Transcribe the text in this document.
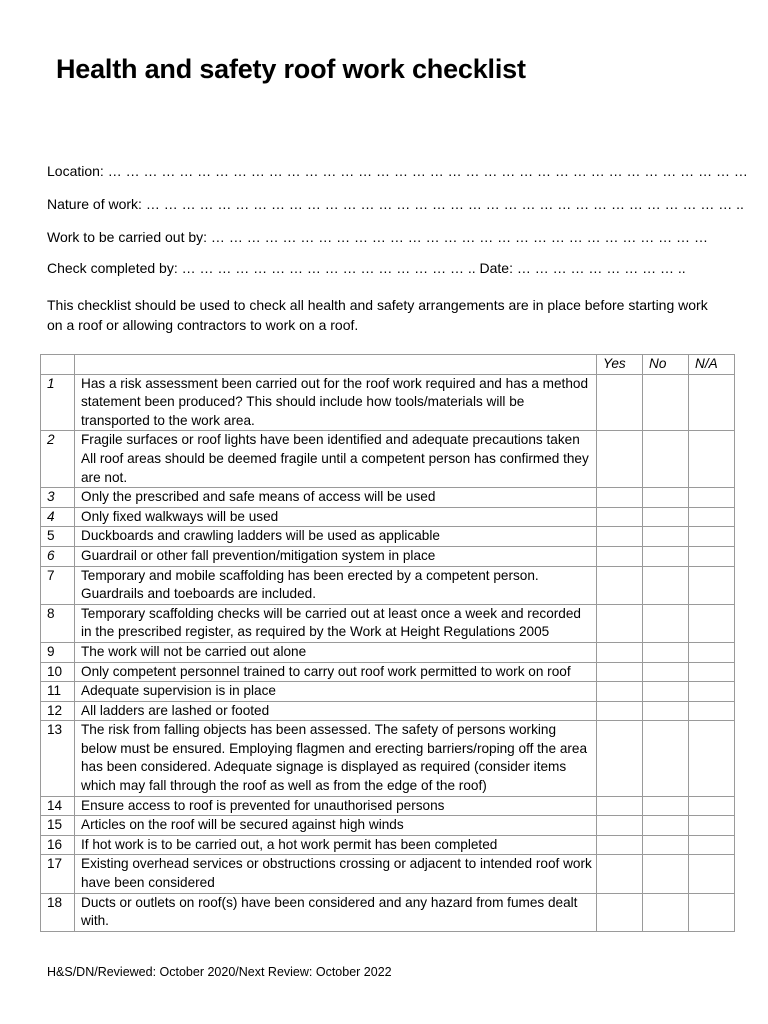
Health and safety roof work checklist
Location: … … … … … … … … … … … … … … … … … … … … … … … … … … … … … … … … … … … …
Nature of work: … … … … … … … … … … … … … … … … … … … … … … … … … … … … … … … … … ..
Work to be carried out by: … … … … … … … … … … … … … … … … … … … … … … … … … … … …
Check completed by: … … … … … … … … … … … … … … … … .. Date: … … … … … … … … … ..
This checklist should be used to check all health and safety arrangements are in place before starting work on a roof or allowing contractors to work on a roof.
		Yes	No	N/A
1	Has a risk assessment been carried out for the roof work required and has a method statement been produced? This should include how tools/materials will be transported to the work area.			
2	Fragile surfaces or roof lights have been identified and adequate precautions taken All roof areas should be deemed fragile until a competent person has confirmed they are not.			
3	Only the prescribed and safe means of access will be used			
4	Only fixed walkways will be used			
5	Duckboards and crawling ladders will be used as applicable			
6	Guardrail or other fall prevention/mitigation system in place			
7	Temporary and mobile scaffolding has been erected by a competent person. Guardrails and toeboards are included.			
8	Temporary scaffolding checks will be carried out at least once a week and recorded in the prescribed register, as required by the Work at Height Regulations 2005			
9	The work will not be carried out alone			
10	Only competent personnel trained to carry out roof work permitted to work on roof			
11	Adequate supervision is in place			
12	All ladders are lashed or footed			
13	The risk from falling objects has been assessed. The safety of persons working below must be ensured. Employing flagmen and erecting barriers/roping off the area has been considered. Adequate signage is displayed as required (consider items which may fall through the roof as well as from the edge of the roof)			
14	Ensure access to roof is prevented for unauthorised persons			
15	Articles on the roof will be secured against high winds			
16	If hot work is to be carried out, a hot work permit has been completed			
17	Existing overhead services or obstructions crossing or adjacent to intended roof work have been considered			
18	Ducts or outlets on roof(s) have been considered and any hazard from fumes dealt with.			
H&S/DN/Reviewed: October 2020/Next Review: October 2022
